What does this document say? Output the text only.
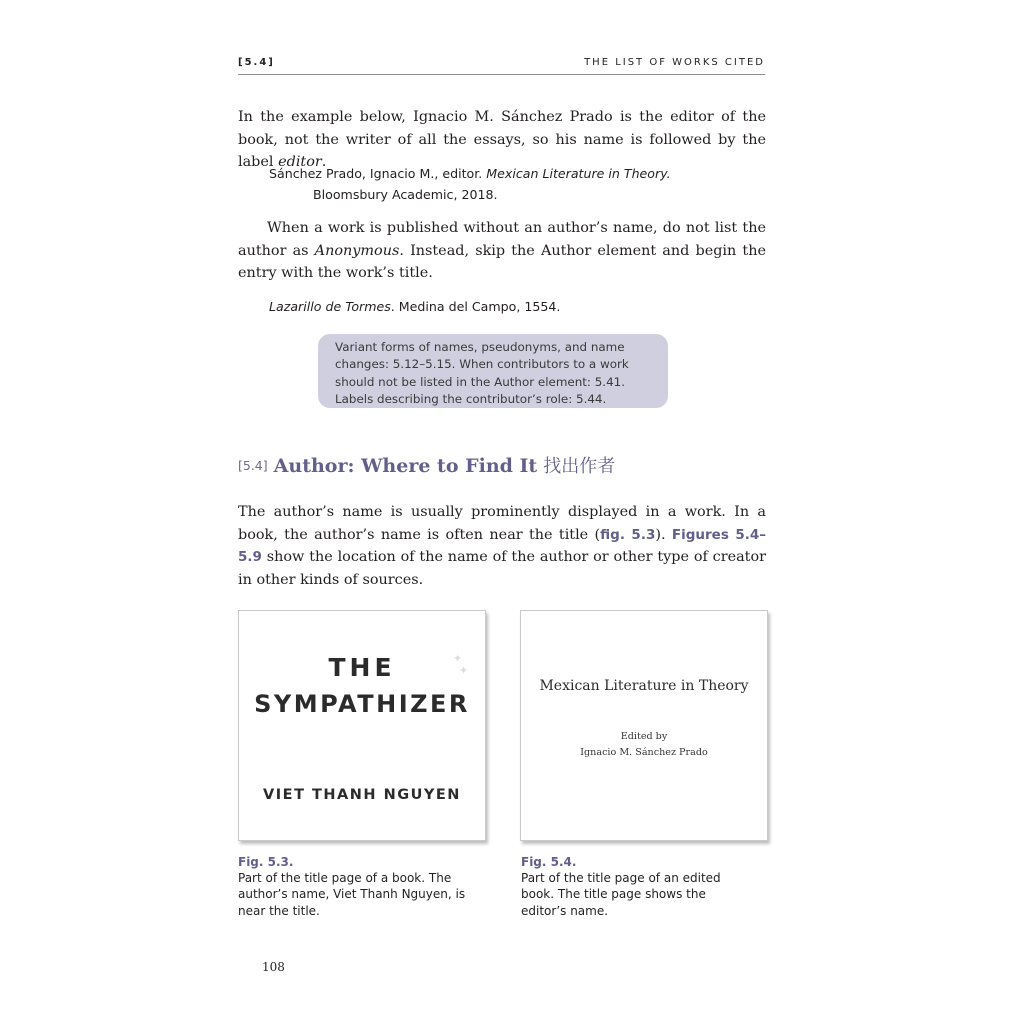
[5.4]	THE LIST OF WORKS CITED
In the example below, Ignacio M. Sánchez Prado is the editor of the book, not the writer of all the essays, so his name is followed by the label editor.
Sánchez Prado, Ignacio M., editor. Mexican Literature in Theory.
Bloomsbury Academic, 2018.
When a work is published without an author’s name, do not list the author as Anonymous. Instead, skip the Author element and begin the entry with the work’s title.
Lazarillo de Tormes. Medina del Campo, 1554.
Variant forms of names, pseudonyms, and name
changes: 5.12–5.15. When contributors to a work
should not be listed in the Author element: 5.41.
Labels describing the contributor’s role: 5.44.
[5.4] Author: Where to Find It 找出作者
The author’s name is usually prominently displayed in a work. In a book, the author’s name is often near the title (fig. 5.3). Figures 5.4–5.9 show the location of the name of the author or other type of creator in other kinds of sources.
✦
✦
THE
SYMPATHIZER
VIET THANH NGUYEN
Mexican Literature in Theory
Edited by
Ignacio M. Sánchez Prado
Fig. 5.3.
Part of the title page of a book. The author’s name, Viet Thanh Nguyen, is near the title.
Fig. 5.4.
Part of the title page of an edited book. The title page shows the editor’s name.
108
